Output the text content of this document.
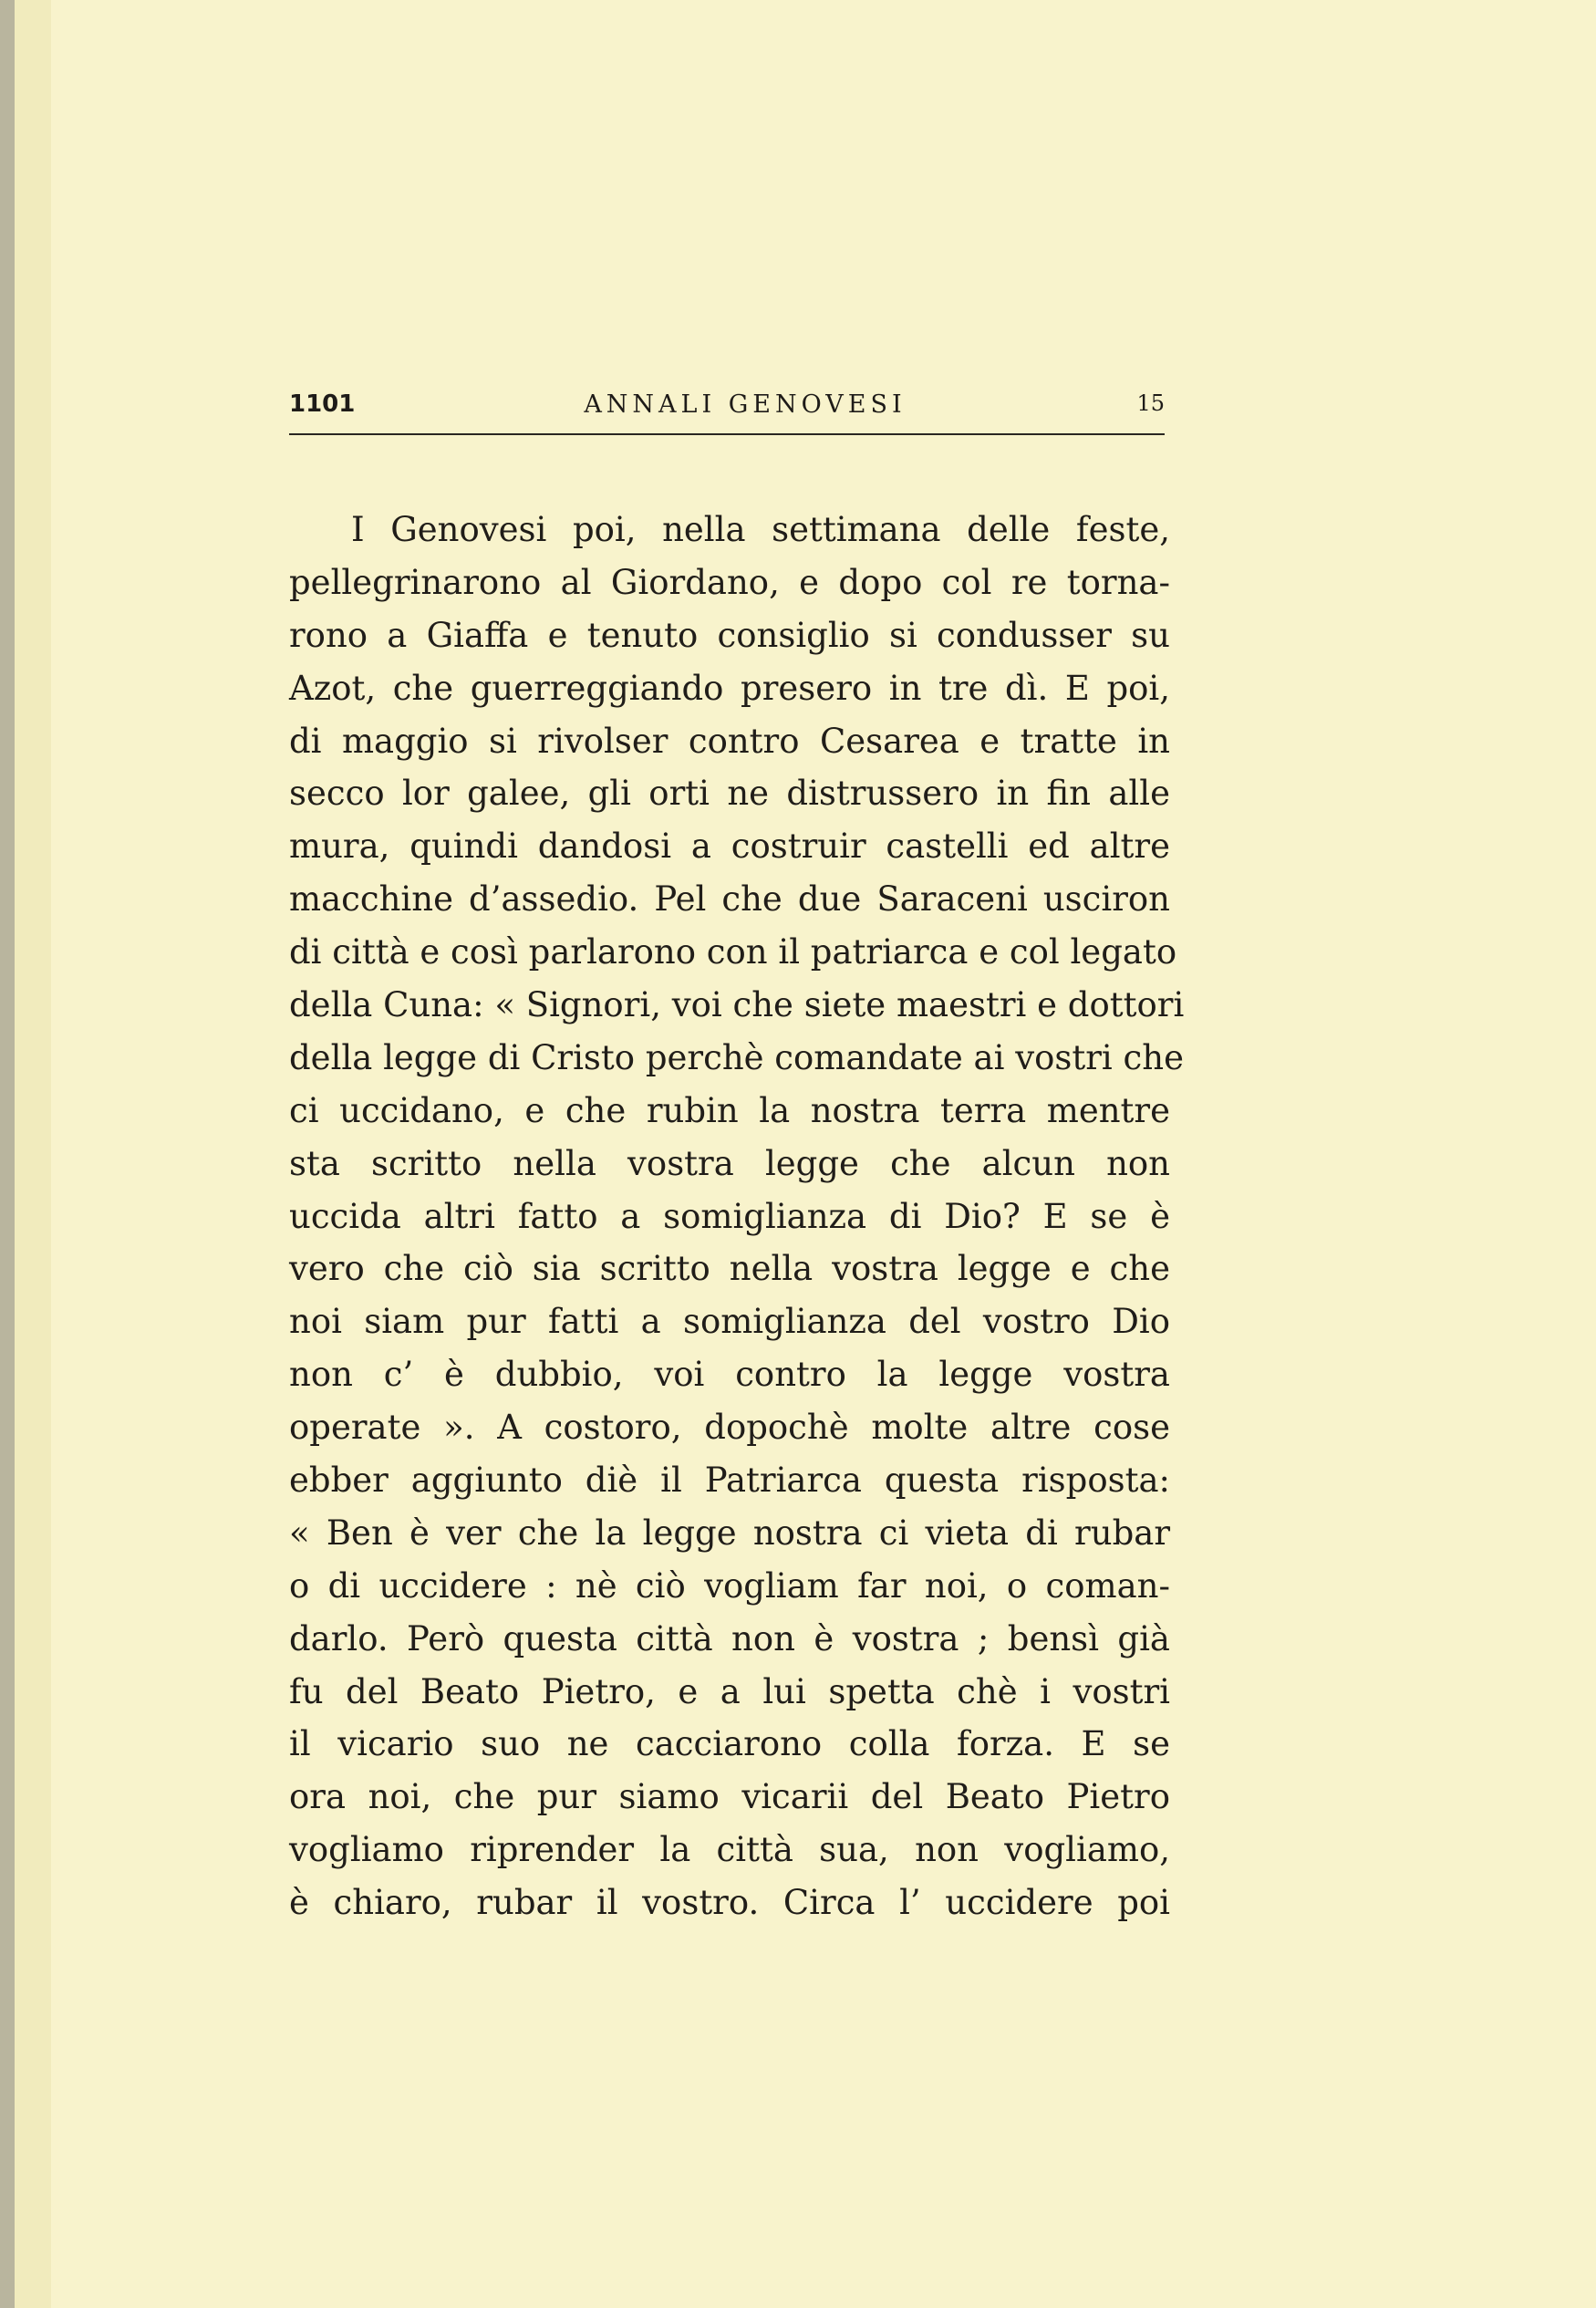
1101	ANNALI GENOVESI	15

I Genovesi poi, nella settimana delle feste,
pellegrinarono al Giordano, e dopo col re torna-
rono a Giaffa e tenuto consiglio si condusser su
Azot, che guerreggiando presero in tre dì. E poi,
di maggio si rivolser contro Cesarea e tratte in
secco lor galee, gli orti ne distrussero in fin alle
mura, quindi dandosi a costruir castelli ed altre
macchine d’assedio. Pel che due Saraceni usciron
di città e così parlarono con il patriarca e col legato
della Cuna: « Signori, voi che siete maestri e dottori
della legge di Cristo perchè comandate ai vostri che
ci uccidano, e che rubin la nostra terra mentre
sta scritto nella vostra legge che alcun non
uccida altri fatto a somiglianza di Dio? E se è
vero che ciò sia scritto nella vostra legge e che
noi siam pur fatti a somiglianza del vostro Dio
non c’ è dubbio, voi contro la legge vostra
operate ». A costoro, dopochè molte altre cose
ebber aggiunto diè il Patriarca questa risposta:
« Ben è ver che la legge nostra ci vieta di rubar
o di uccidere : nè ciò vogliam far noi, o coman-
darlo. Però questa città non è vostra ; bensì già
fu del Beato Pietro, e a lui spetta chè i vostri
il vicario suo ne cacciarono colla forza. E se
ora noi, che pur siamo vicarii del Beato Pietro
vogliamo riprender la città sua, non vogliamo,
è chiaro, rubar il vostro. Circa l’ uccidere poi
